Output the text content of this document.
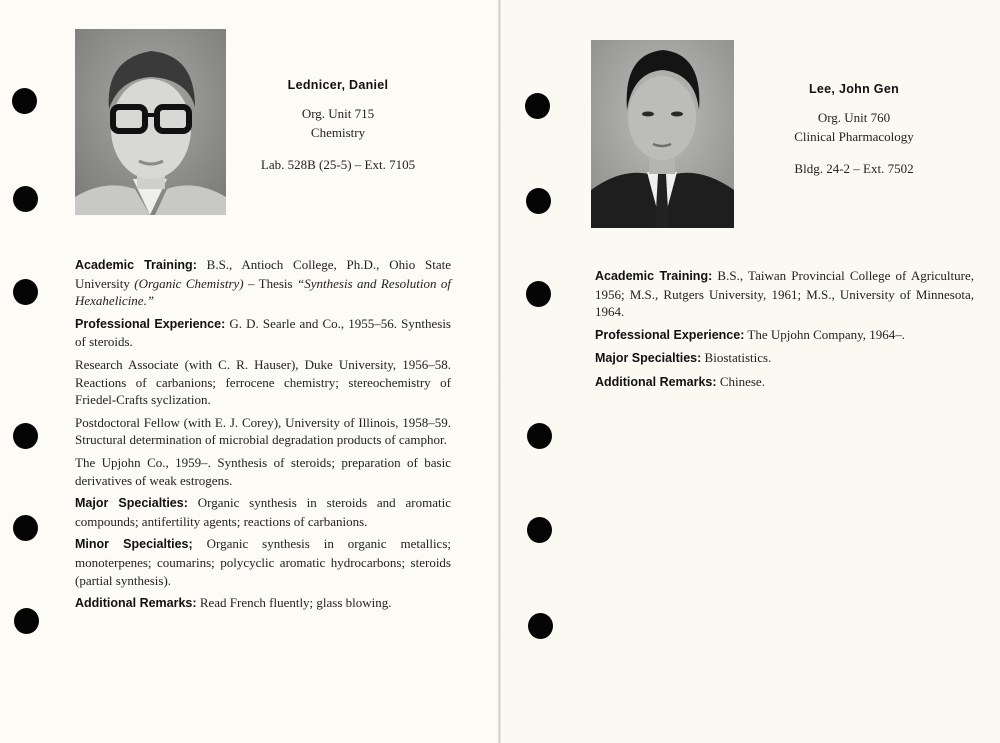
Lednicer, Daniel
Org. Unit 715
Chemistry
Lab. 528B (25-5) – Ext. 7105

Academic Training: B.S., Antioch College, Ph.D., Ohio State University (Organic Chemistry) – Thesis “Synthesis and Resolution of Hexahelicine.”

Professional Experience: G. D. Searle and Co., 1955–56. Synthesis of steroids.

Research Associate (with C. R. Hauser), Duke University, 1956–58. Reactions of carbanions; ferrocene chemistry; stereochemistry of Friedel-Crafts syclization.

Postdoctoral Fellow (with E. J. Corey), University of Illinois, 1958–59. Structural determination of microbial degradation products of camphor.

The Upjohn Co., 1959–. Synthesis of steroids; preparation of basic derivatives of weak estrogens.

Major Specialties: Organic synthesis in steroids and aromatic compounds; antifertility agents; reactions of carbanions.

Minor Specialties; Organic synthesis in organic metallics; monoterpenes; coumarins; polycyclic aromatic hydrocarbons; steroids (partial synthesis).

Additional Remarks: Read French fluently; glass blowing.

Lee, John Gen
Org. Unit 760
Clinical Pharmacology
Bldg. 24-2 – Ext. 7502

Academic Training: B.S., Taiwan Provincial College of Agriculture, 1956; M.S., Rutgers University, 1961; M.S., University of Minnesota, 1964.

Professional Experience: The Upjohn Company, 1964–.

Major Specialties: Biostatistics.

Additional Remarks: Chinese.
